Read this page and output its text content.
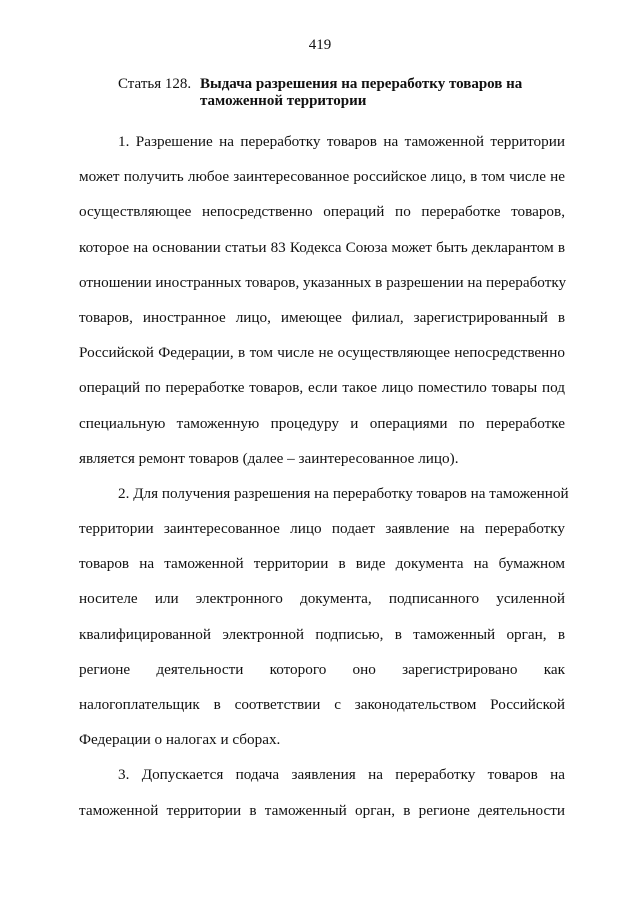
419
Статья 128. Выдача разрешения на переработку товаров на таможенной территории
1. Разрешение на переработку товаров на таможенной территории
может получить любое заинтересованное российское лицо, в том числе не
осуществляющее непосредственно операций по переработке товаров,
которое на основании статьи 83 Кодекса Союза может быть декларантом в
отношении иностранных товаров, указанных в разрешении на переработку
товаров, иностранное лицо, имеющее филиал, зарегистрированный в
Российской Федерации, в том числе не осуществляющее непосредственно
операций по переработке товаров, если такое лицо поместило товары под
специальную таможенную процедуру и операциями по переработке
является ремонт товаров (далее – заинтересованное лицо).
2. Для получения разрешения на переработку товаров на таможенной
территории заинтересованное лицо подает заявление на переработку
товаров на таможенной территории в виде документа на бумажном
носителе или электронного документа, подписанного усиленной
квалифицированной электронной подписью, в таможенный орган, в
регионе деятельности которого оно зарегистрировано как
налогоплательщик в соответствии с законодательством Российской
Федерации о налогах и сборах.
3. Допускается подача заявления на переработку товаров на
таможенной территории в таможенный орган, в регионе деятельности
